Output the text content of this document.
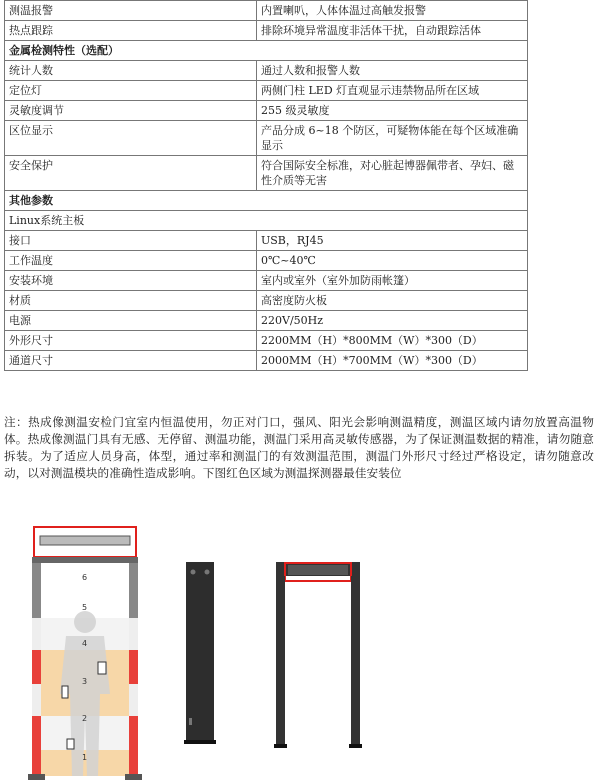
测温报警	内置喇叭，人体体温过高触发报警
热点跟踪	排除环境异常温度非活体干扰，自动跟踪活体
金属检测特性（选配）	
统计人数	通过人数和报警人数
定位灯	两侧门柱 LED 灯直观显示违禁物品所在区域
灵敏度调节	255 级灵敏度
区位显示	产品分成 6~18 个防区，可疑物体能在每个区域准确显示
安全保护	符合国际安全标准，对心脏起博器佩带者、孕妇、磁性介质等无害
其他参数	
Linux系统主板	
接口	USB，RJ45
工作温度	0℃~40℃
安装环境	室内或室外（室外加防雨帐篷）
材质	高密度防火板
电源	220V/50Hz
外形尺寸	2200MM（H）*800MM（W）*300（D）
通道尺寸	2000MM（H）*700MM（W）*300（D）
注：热成像测温安检门宜室内恒温使用，勿正对门口，强风、阳光会影响测温精度，测温区域内请勿放置高温物体。热成像测温门具有无感、无停留、测温功能，测温门采用高灵敏传感器，为了保证测温数据的精准，请勿随意拆装。为了适应人员身高，体型，通过率和测温门的有效测温范围，测温门外形尺寸经过严格设定，请勿随意改动，以对测温模块的准确性造成影响。下图红色区域为测温探测器最佳安装位
6
5
4
3
2
1
